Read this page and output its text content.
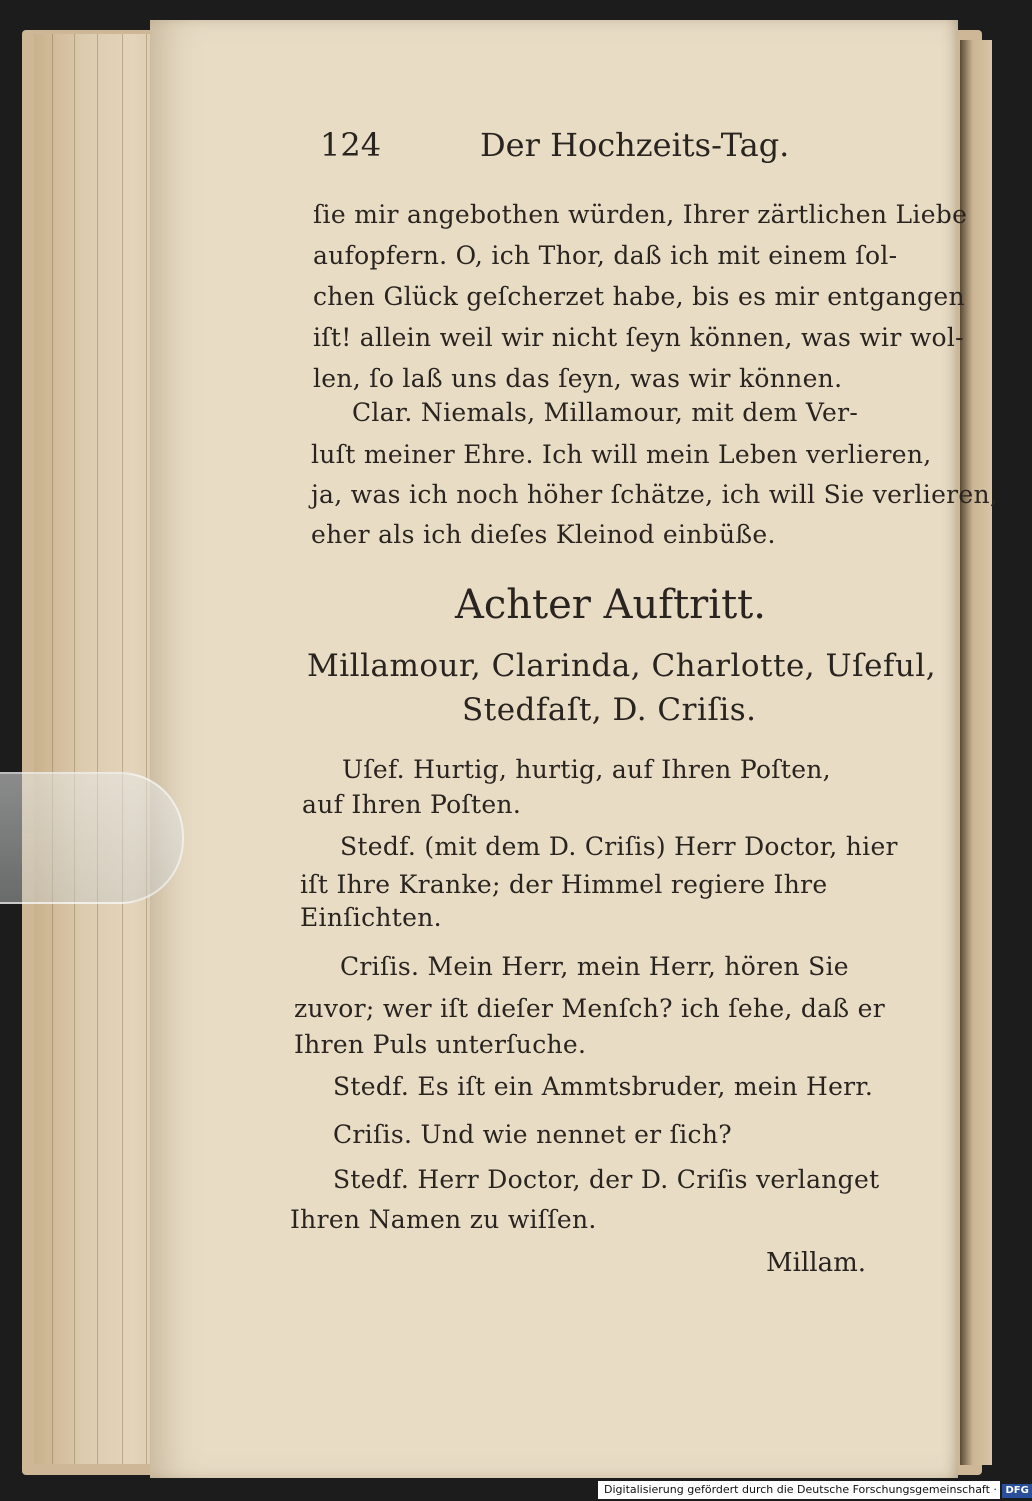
124	Der Hochzeits-Tag.
ſie mir angebothen würden, Ihrer zärtlichen Liebe
aufopfern. O, ich Thor, daß ich mit einem ſol-
chen Glück geſcherzet habe, bis es mir entgangen
iſt! allein weil wir nicht ſeyn können, was wir wol-
len, ſo laß uns das ſeyn, was wir können.
Clar. Niemals, Millamour, mit dem Ver-
luſt meiner Ehre. Ich will mein Leben verlieren,
ja, was ich noch höher ſchätze, ich will Sie verlieren,
eher als ich dieſes Kleinod einbüße.
Achter Auftritt.
Millamour, Clarinda, Charlotte, Uſeful,
Stedfaſt, D. Criſis.
Uſef. Hurtig, hurtig, auf Ihren Poſten,
auf Ihren Poſten.
Stedf. (mit dem D. Criſis) Herr Doctor, hier
iſt Ihre Kranke; der Himmel regiere Ihre
Einſichten.
Criſis. Mein Herr, mein Herr, hören Sie
zuvor; wer iſt dieſer Menſch? ich ſehe, daß er
Ihren Puls unterſuche.
Stedf. Es iſt ein Ammtsbruder, mein Herr.
Criſis. Und wie nennet er ſich?
Stedf. Herr Doctor, der D. Criſis verlanget
Ihren Namen zu wiſſen.
Millam.
Digitalisierung gefördert durch die Deutsche Forschungsgemeinschaft · DFG
